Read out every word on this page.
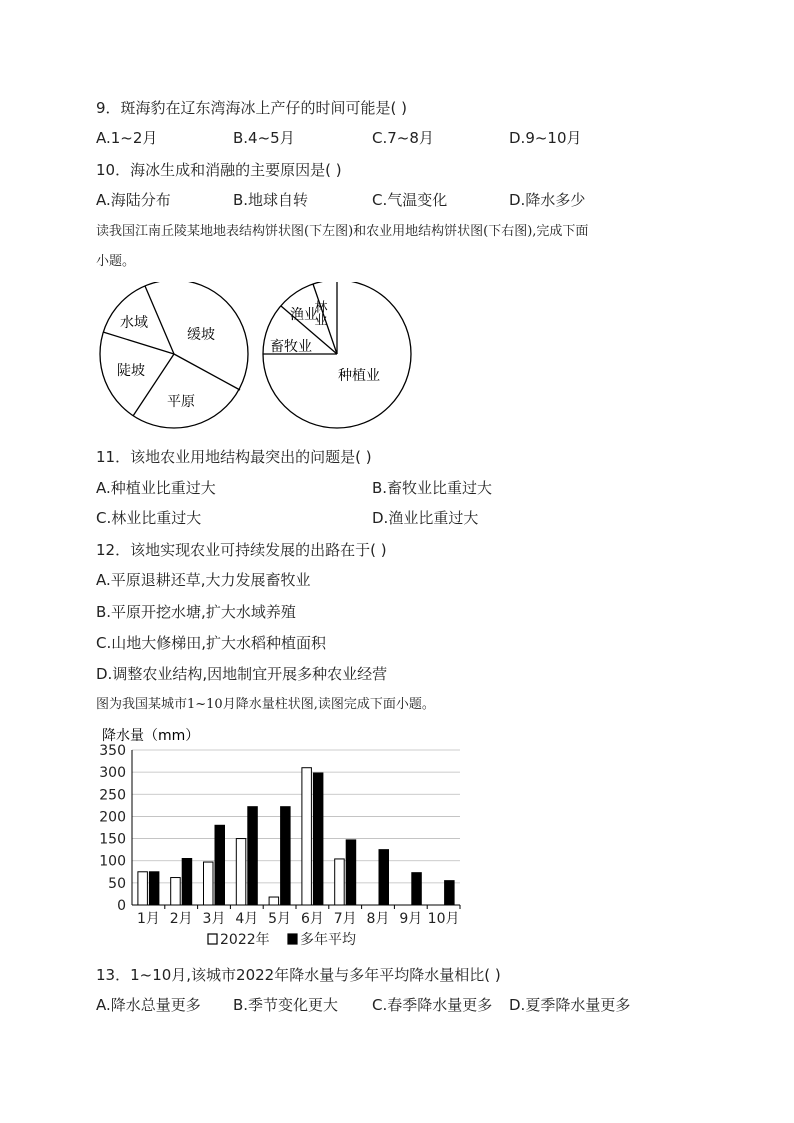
9．斑海豹在辽东湾海冰上产仔的时间可能是( )
A.1~2月	B.4~5月	C.7~8月	D.9~10月
10．海冰生成和消融的主要原因是( )
A.海陆分布	B.地球自转	C.气温变化	D.降水多少
读我国江南丘陵某地地表结构饼状图(下左图)和农业用地结构饼状图(下右图),完成下面
小题。
水域
缓坡
陡坡
平原
林业
渔业
畜牧业
种植业
11．该地农业用地结构最突出的问题是( )
A.种植业比重过大	B.畜牧业比重过大
C.林业比重过大	D.渔业比重过大
12．该地实现农业可持续发展的出路在于( )
A.平原退耕还草,大力发展畜牧业
B.平原开挖水塘,扩大水域养殖
C.山地大修梯田,扩大水稻种植面积
D.调整农业结构,因地制宜开展多种农业经营
图为我国某城市1~10月降水量柱状图,读图完成下面小题。
降水量（mm）
0
50
100
150
200
250
300
350
1月 2月 3月 4月 5月 6月 7月 8月 9月 10月
2022年 多年平均
13．1~10月,该城市2022年降水量与多年平均降水量相比( )
A.降水总量更多 B.季节变化更大 C.春季降水量更多 D.夏季降水量更多
